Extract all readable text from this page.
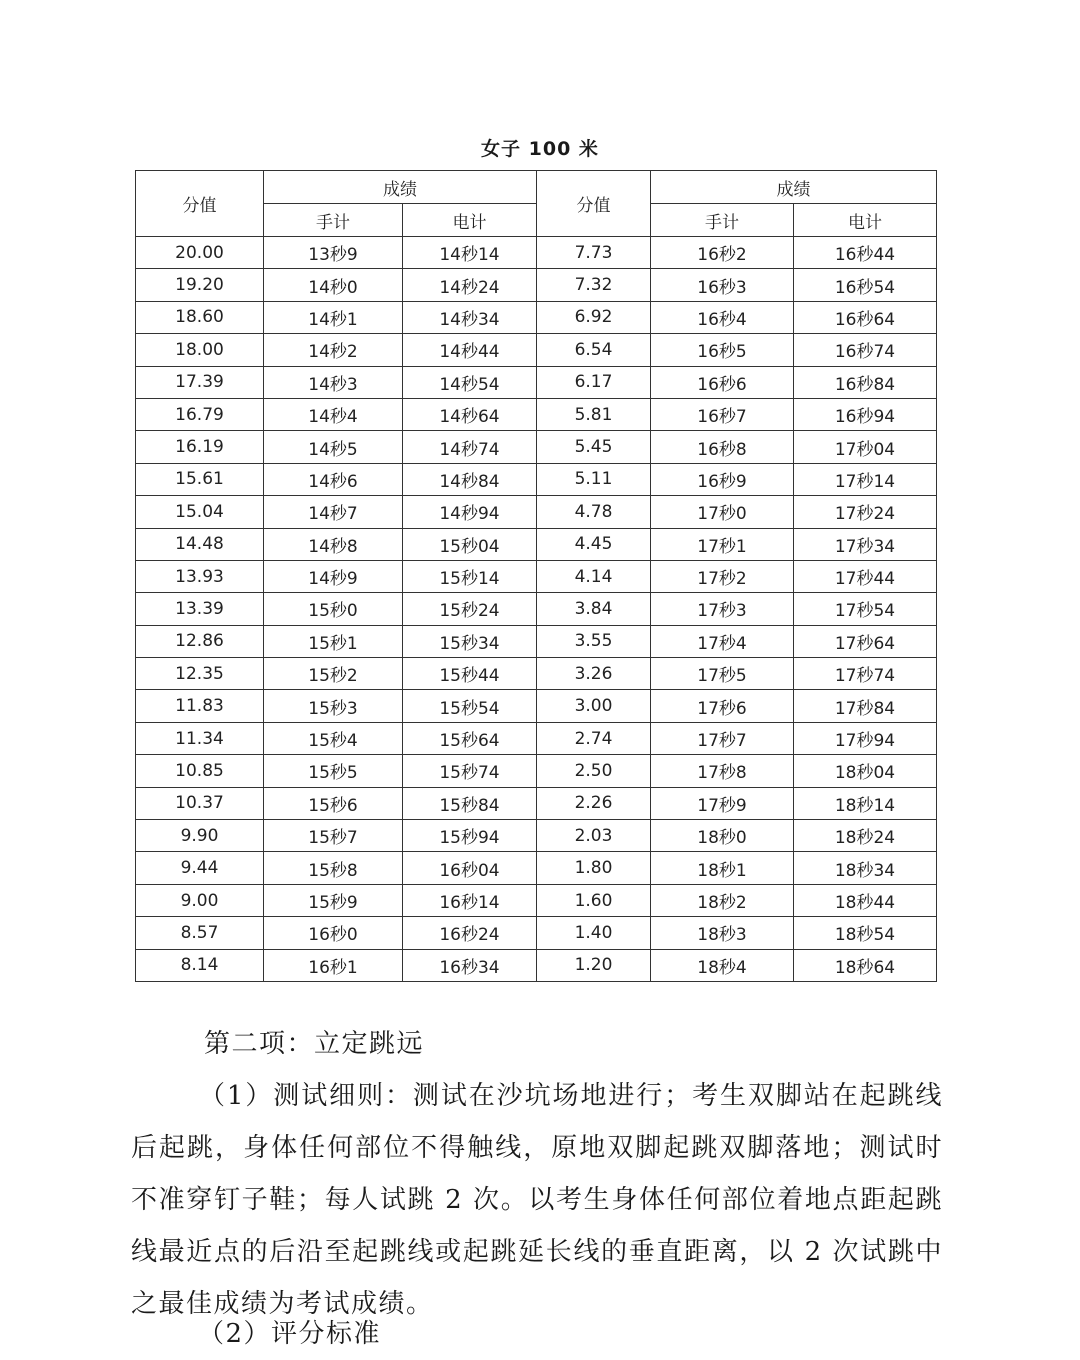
女子 100 米
分值	成绩		分值	成绩	
	手计	电计		手计	电计
20.00	13秒9	14秒14	7.73	16秒2	16秒44
19.20	14秒0	14秒24	7.32	16秒3	16秒54
18.60	14秒1	14秒34	6.92	16秒4	16秒64
18.00	14秒2	14秒44	6.54	16秒5	16秒74
17.39	14秒3	14秒54	6.17	16秒6	16秒84
16.79	14秒4	14秒64	5.81	16秒7	16秒94
16.19	14秒5	14秒74	5.45	16秒8	17秒04
15.61	14秒6	14秒84	5.11	16秒9	17秒14
15.04	14秒7	14秒94	4.78	17秒0	17秒24
14.48	14秒8	15秒04	4.45	17秒1	17秒34
13.93	14秒9	15秒14	4.14	17秒2	17秒44
13.39	15秒0	15秒24	3.84	17秒3	17秒54
12.86	15秒1	15秒34	3.55	17秒4	17秒64
12.35	15秒2	15秒44	3.26	17秒5	17秒74
11.83	15秒3	15秒54	3.00	17秒6	17秒84
11.34	15秒4	15秒64	2.74	17秒7	17秒94
10.85	15秒5	15秒74	2.50	17秒8	18秒04
10.37	15秒6	15秒84	2.26	17秒9	18秒14
9.90	15秒7	15秒94	2.03	18秒0	18秒24
9.44	15秒8	16秒04	1.80	18秒1	18秒34
9.00	15秒9	16秒14	1.60	18秒2	18秒44
8.57	16秒0	16秒24	1.40	18秒3	18秒54
8.14	16秒1	16秒34	1.20	18秒4	18秒64
第二项：立定跳远
（1）测试细则：测试在沙坑场地进行；考生双脚站在起跳线后起跳，身体任何部位不得触线，原地双脚起跳双脚落地；测试时不准穿钉子鞋；每人试跳 2 次。以考生身体任何部位着地点距起跳线最近点的后沿至起跳线或起跳延长线的垂直距离，以 2 次试跳中之最佳成绩为考试成绩。
（2）评分标准
